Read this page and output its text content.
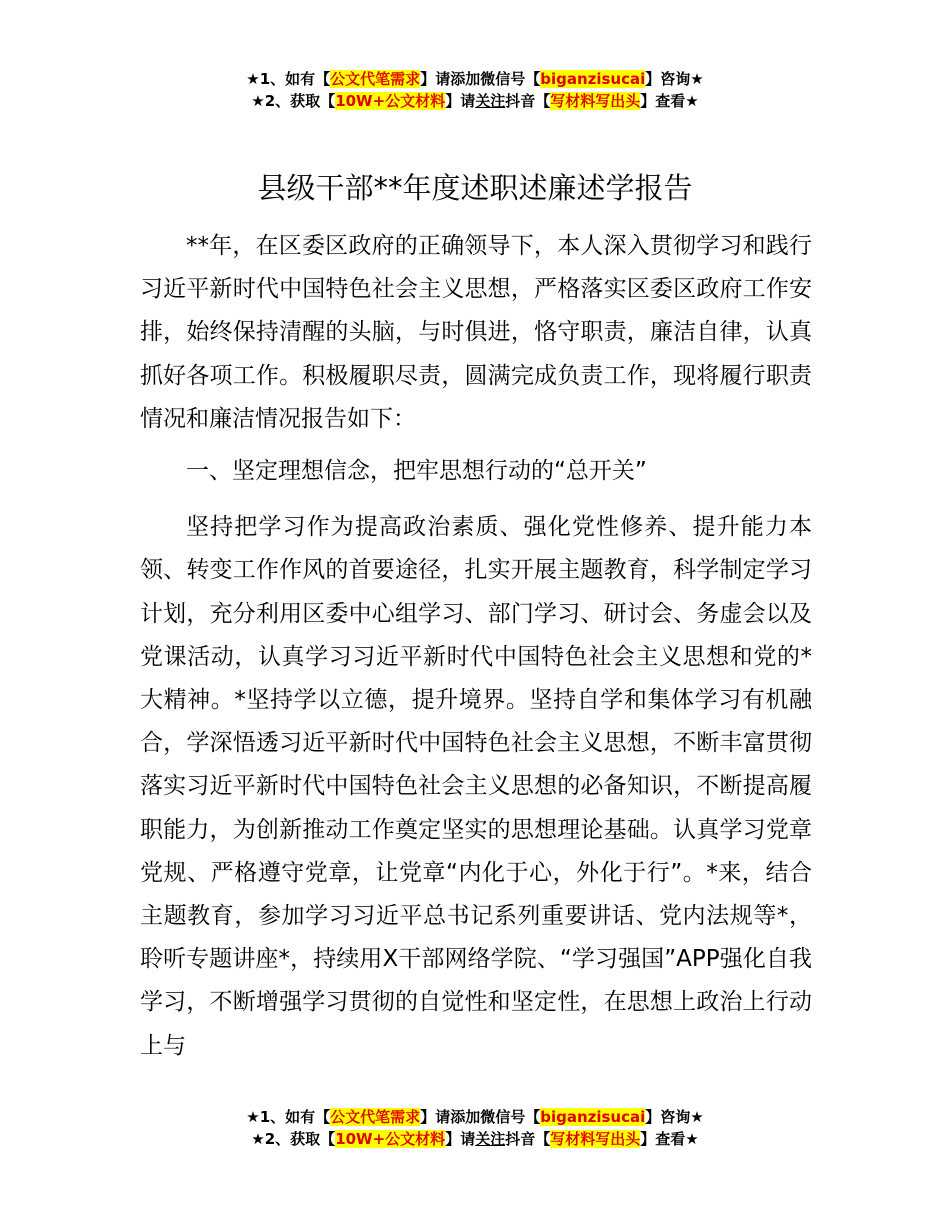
★1、如有【公文代笔需求】请添加微信号【biganzisucai】咨询★
★2、获取【10W+公文材料】请关注抖音【写材料写出头】查看★
县级干部**年度述职述廉述学报告

**年，在区委区政府的正确领导下，本人深入贯彻学习和践行习近平新时代中国特色社会主义思想，严格落实区委区政府工作安排，始终保持清醒的头脑，与时俱进，恪守职责，廉洁自律，认真抓好各项工作。积极履职尽责，圆满完成负责工作，现将履行职责情况和廉洁情况报告如下：

一、坚定理想信念，把牢思想行动的“总开关”

坚持把学习作为提高政治素质、强化党性修养、提升能力本领、转变工作作风的首要途径，扎实开展主题教育，科学制定学习计划，充分利用区委中心组学习、部门学习、研讨会、务虚会以及党课活动，认真学习习近平新时代中国特色社会主义思想和党的*大精神。*坚持学以立德，提升境界。坚持自学和集体学习有机融合，学深悟透习近平新时代中国特色社会主义思想，不断丰富贯彻落实习近平新时代中国特色社会主义思想的必备知识，不断提高履职能力，为创新推动工作奠定坚实的思想理论基础。认真学习党章党规、严格遵守党章，让党章“内化于心，外化于行”。*来，结合主题教育，参加学习习近平总书记系列重要讲话、党内法规等*，聆听专题讲座*，持续用X干部网络学院、“学习强国”APP强化自我学习，不断增强学习贯彻的自觉性和坚定性，在思想上政治上行动上与

★1、如有【公文代笔需求】请添加微信号【biganzisucai】咨询★
★2、获取【10W+公文材料】请关注抖音【写材料写出头】查看★
